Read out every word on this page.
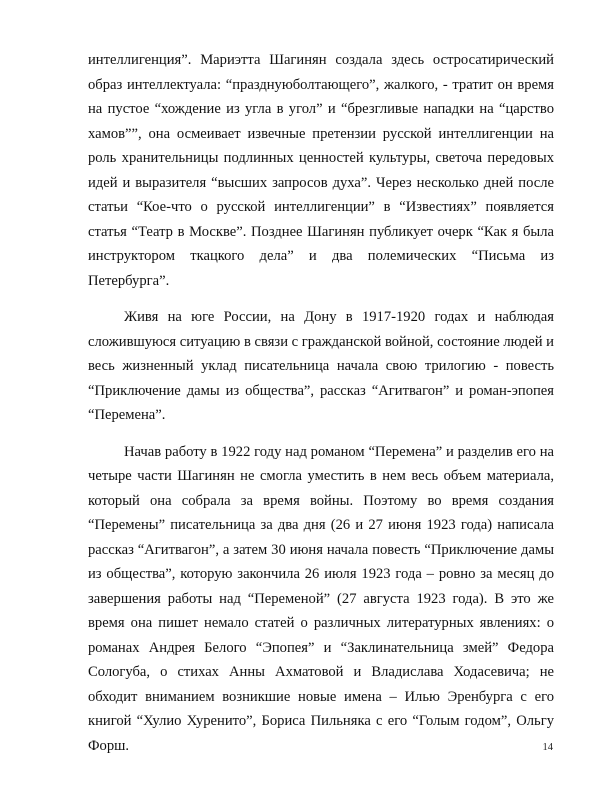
интеллигенция”. Мариэтта Шагинян создала здесь остросатирический образ интеллектуала: “празднуюболтающего”, жалкого, - тратит он время на пустое “хождение из угла в угол” и “брезгливые нападки на “царство хамов””, она осмеивает извечные претензии русской интеллигенции на роль хранительницы подлинных ценностей культуры, светоча передовых идей и выразителя “высших запросов духа”. Через несколько дней после статьи “Кое-что о русской интеллигенции” в “Известиях” появляется статья “Театр в Москве”. Позднее Шагинян публикует очерк “Как я была инструктором ткацкого дела” и два полемических “Письма из Петербурга”.

Живя на юге России, на Дону в 1917-1920 годах и наблюдая сложившуюся ситуацию в связи с гражданской войной, состояние людей и весь жизненный уклад писательница начала свою трилогию - повесть “Приключение дамы из общества”, рассказ “Агитвагон” и роман-эпопея “Перемена”.

Начав работу в 1922 году над романом “Перемена” и разделив его на четыре части Шагинян не смогла уместить в нем весь объем материала, который она собрала за время войны. Поэтому во время создания “Перемены” писательница за два дня (26 и 27 июня 1923 года) написала рассказ “Агитвагон”, а затем 30 июня начала повесть “Приключение дамы из общества”, которую закончила 26 июля 1923 года – ровно за месяц до завершения работы над “Переменой” (27 августа 1923 года). В это же время она пишет немало статей о различных литературных явлениях: о романах Андрея Белого “Эпопея” и “Заклинательница змей” Федора Сологуба, о стихах Анны Ахматовой и Владислава Ходасевича; не обходит вниманием возникшие новые имена – Илью Эренбурга с его книгой “Хулио Хуренито”, Бориса Пильняка с его “Голым годом”, Ольгу Форш.	14
